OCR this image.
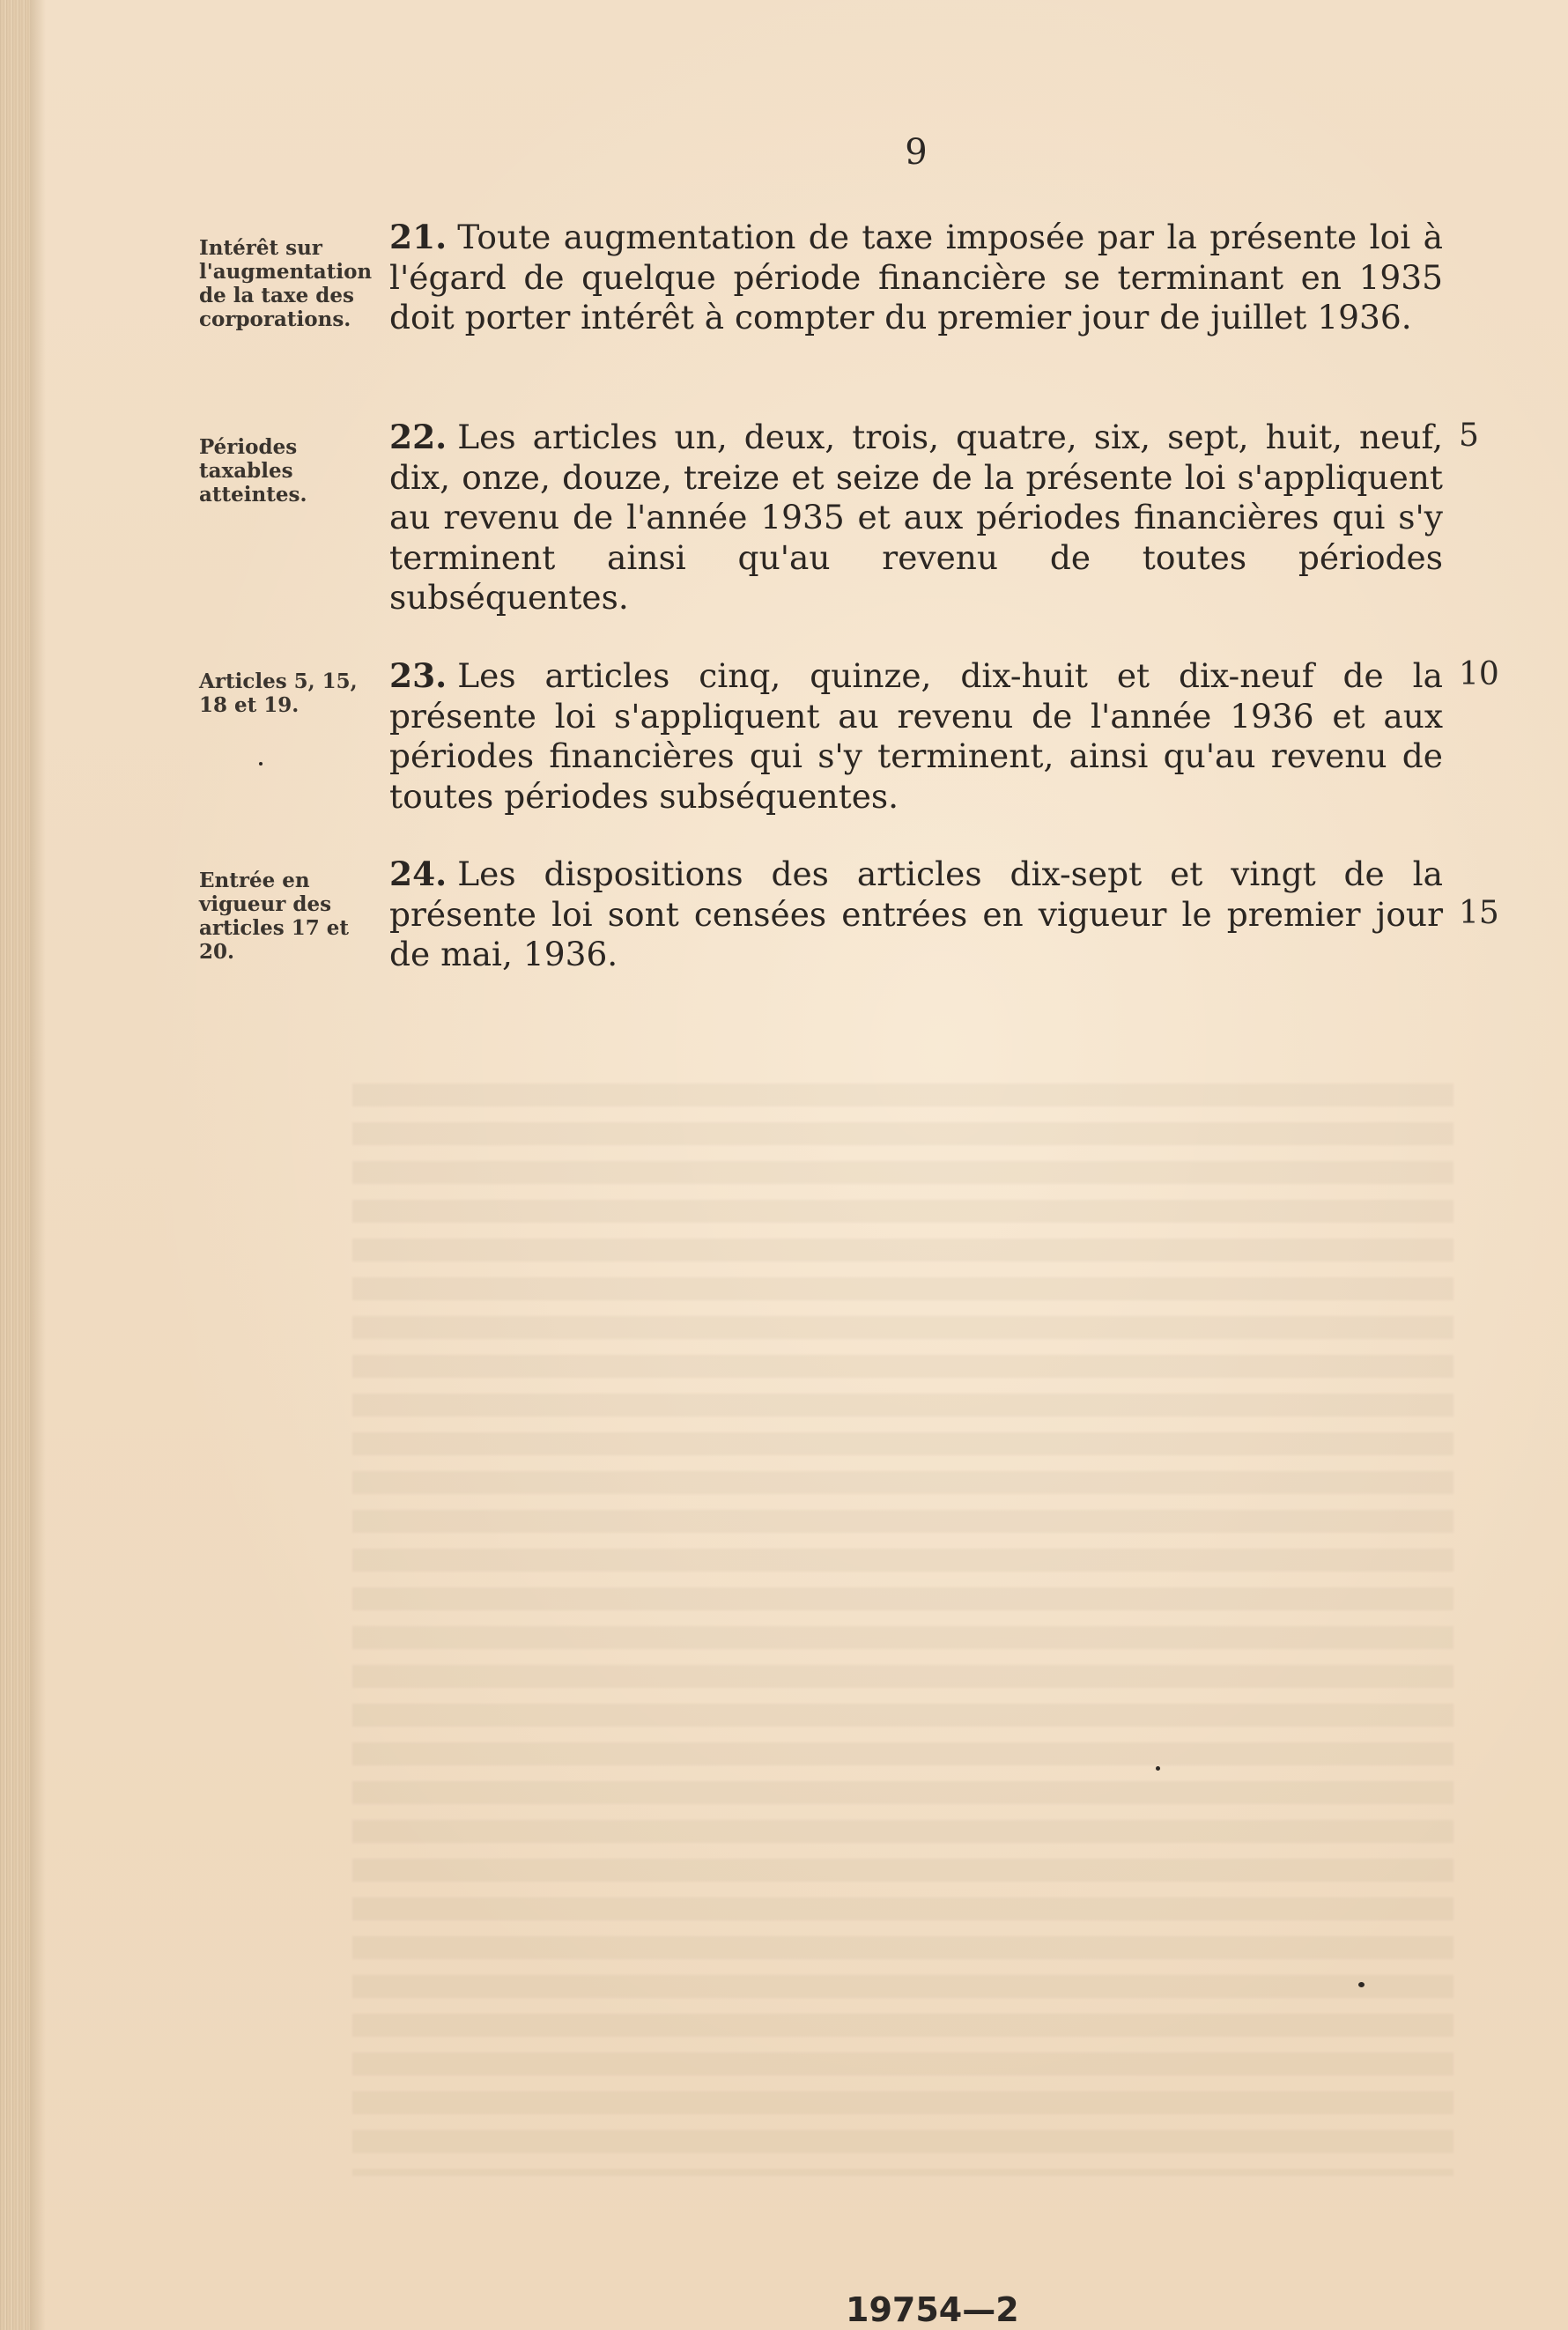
9
Intérêt sur l'augmentation de la taxe des corporations.
21. Toute augmentation de taxe imposée par la présente loi à l'égard de quelque période financière se terminant en 1935 doit porter intérêt à compter du premier jour de juillet 1936.
Périodes taxables atteintes.
22. Les articles un, deux, trois, quatre, six, sept, huit, neuf, dix, onze, douze, treize et seize de la présente loi s'appliquent au revenu de l'année 1935 et aux périodes financières qui s'y terminent ainsi qu'au revenu de toutes périodes subséquentes.
Articles 5, 15, 18 et 19.
23. Les articles cinq, quinze, dix-huit et dix-neuf de la présente loi s'appliquent au revenu de l'année 1936 et aux périodes financières qui s'y terminent, ainsi qu'au revenu de toutes périodes subséquentes.
Entrée en vigueur des articles 17 et 20.
24. Les dispositions des articles dix-sept et vingt de la présente loi sont censées entrées en vigueur le premier jour de mai, 1936.
5
10
15
19754—2
